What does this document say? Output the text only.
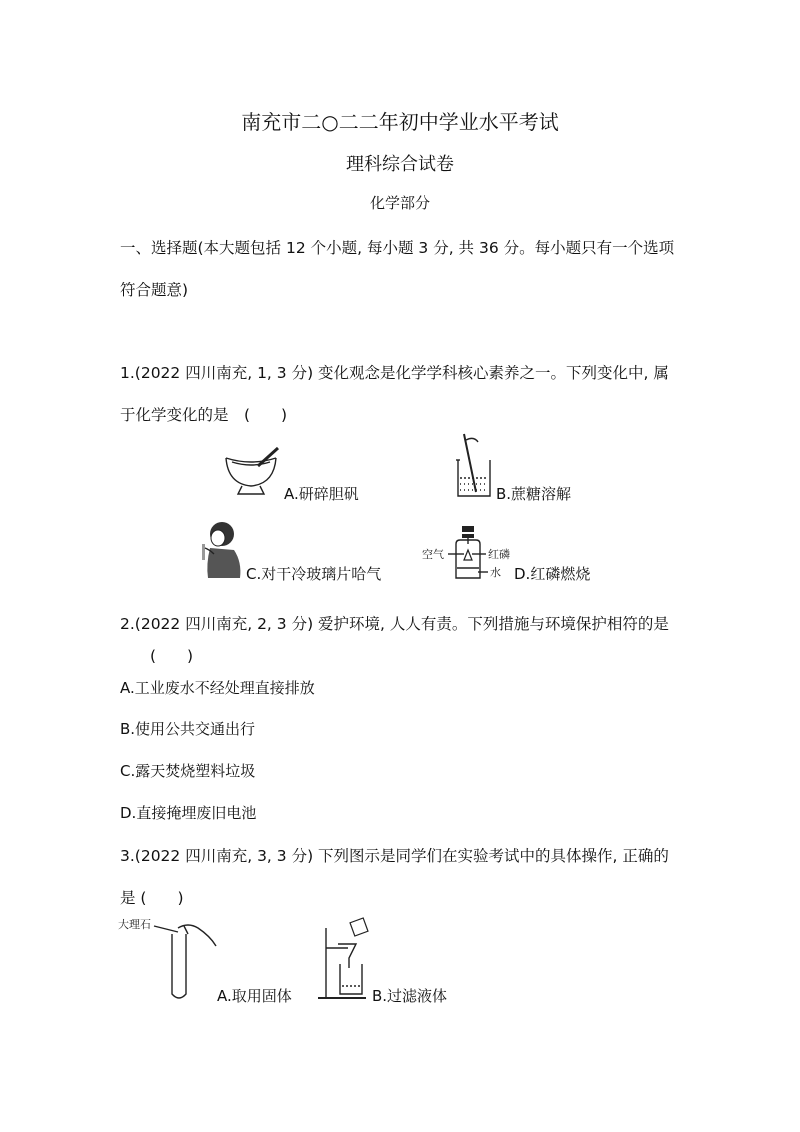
南充市二○二二年初中学业水平考试
理科综合试卷
化学部分
一、选择题(本大题包括 12 个小题, 每小题 3 分, 共 36 分。每小题只有一个选项
符合题意)
1.(2022 四川南充, 1, 3 分) 变化观念是化学学科核心素养之一。下列变化中, 属
于化学变化的是　(　　)
A.研碎胆矾	B.蔗糖溶解
C.对干冷玻璃片哈气
空气	红磷
水 D.红磷燃烧
2.(2022 四川南充, 2, 3 分) 爱护环境, 人人有责。下列措施与环境保护相符的是
(　　)
A.工业废水不经处理直接排放
B.使用公共交通出行
C.露天焚烧塑料垃圾
D.直接掩埋废旧电池
3.(2022 四川南充, 3, 3 分) 下列图示是同学们在实验考试中的具体操作, 正确的
是 (　　)
大理石
A.取用固体	B.过滤液体
